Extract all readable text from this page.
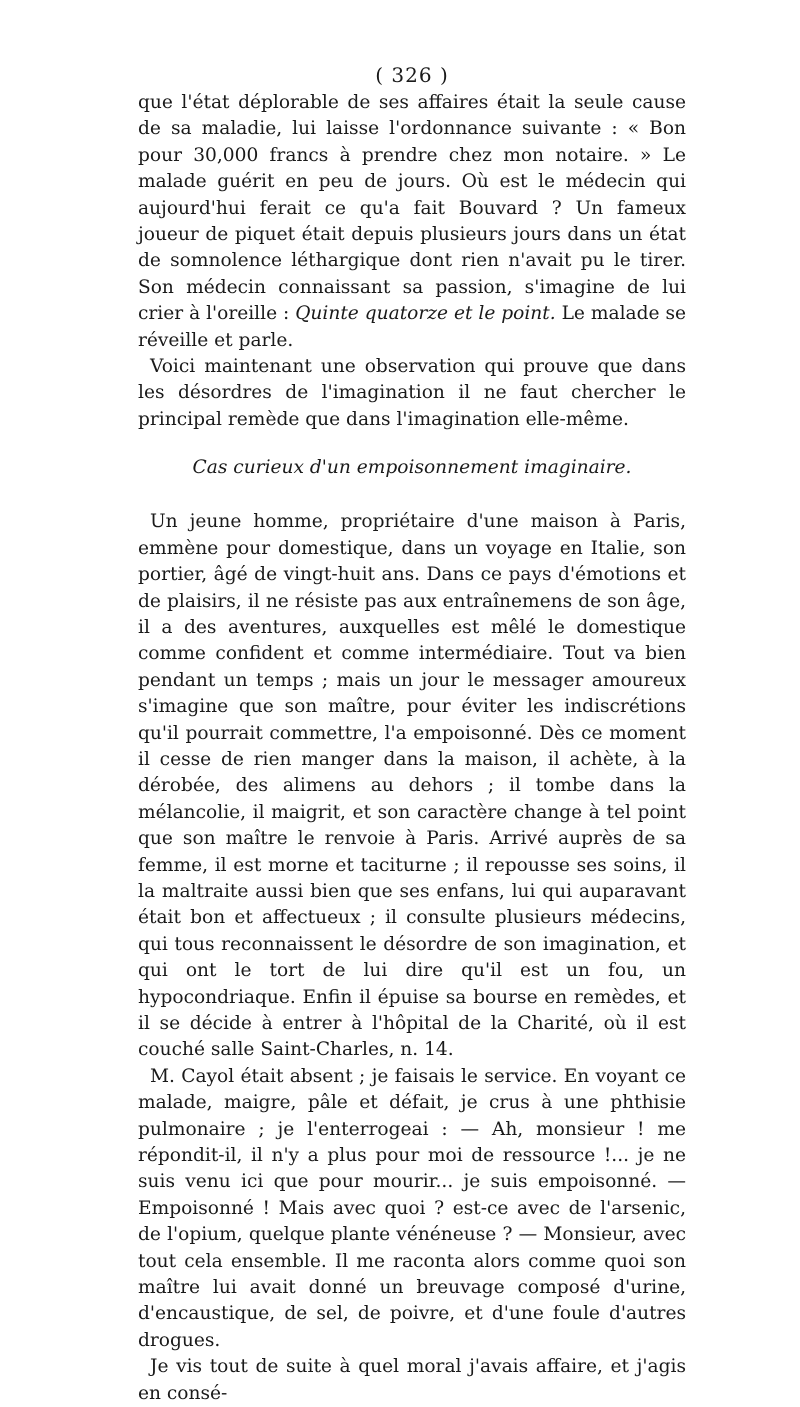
( 326 )

que l'état déplorable de ses affaires était la seule cause de sa maladie, lui laisse l'ordonnance suivante : « Bon pour 30,000 francs à prendre chez mon notaire. » Le malade guérit en peu de jours. Où est le médecin qui aujourd'hui ferait ce qu'a fait Bouvard ? Un fameux joueur de piquet était depuis plusieurs jours dans un état de somnolence léthargique dont rien n'avait pu le tirer. Son médecin connaissant sa passion, s'imagine de lui crier à l'oreille : Quinte quatorze et le point. Le malade se réveille et parle.

Voici maintenant une observation qui prouve que dans les désordres de l'imagination il ne faut chercher le principal remède que dans l'imagination elle-même.

Cas curieux d'un empoisonnement imaginaire.

Un jeune homme, propriétaire d'une maison à Paris, emmène pour domestique, dans un voyage en Italie, son portier, âgé de vingt-huit ans. Dans ce pays d'émotions et de plaisirs, il ne résiste pas aux entraînemens de son âge, il a des aventures, auxquelles est mêlé le domestique comme confident et comme intermédiaire. Tout va bien pendant un temps ; mais un jour le messager amoureux s'imagine que son maître, pour éviter les indiscrétions qu'il pourrait commettre, l'a empoisonné. Dès ce moment il cesse de rien manger dans la maison, il achète, à la dérobée, des alimens au dehors ; il tombe dans la mélancolie, il maigrit, et son caractère change à tel point que son maître le renvoie à Paris. Arrivé auprès de sa femme, il est morne et taciturne ; il repousse ses soins, il la maltraite aussi bien que ses enfans, lui qui auparavant était bon et affectueux ; il consulte plusieurs médecins, qui tous reconnaissent le désordre de son imagination, et qui ont le tort de lui dire qu'il est un fou, un hypocondriaque. Enfin il épuise sa bourse en remèdes, et il se décide à entrer à l'hôpital de la Charité, où il est couché salle Saint-Charles, n. 14.

M. Cayol était absent ; je faisais le service. En voyant ce malade, maigre, pâle et défait, je crus à une phthisie pulmonaire ; je l'enterrogeai : — Ah, monsieur ! me répondit-il, il n'y a plus pour moi de ressource !... je ne suis venu ici que pour mourir... je suis empoisonné. — Empoisonné ! Mais avec quoi ? est-ce avec de l'arsenic, de l'opium, quelque plante vénéneuse ? — Monsieur, avec tout cela ensemble. Il me raconta alors comme quoi son maître lui avait donné un breuvage composé d'urine, d'encaustique, de sel, de poivre, et d'une foule d'autres drogues.

Je vis tout de suite à quel moral j'avais affaire, et j'agis en consé-
